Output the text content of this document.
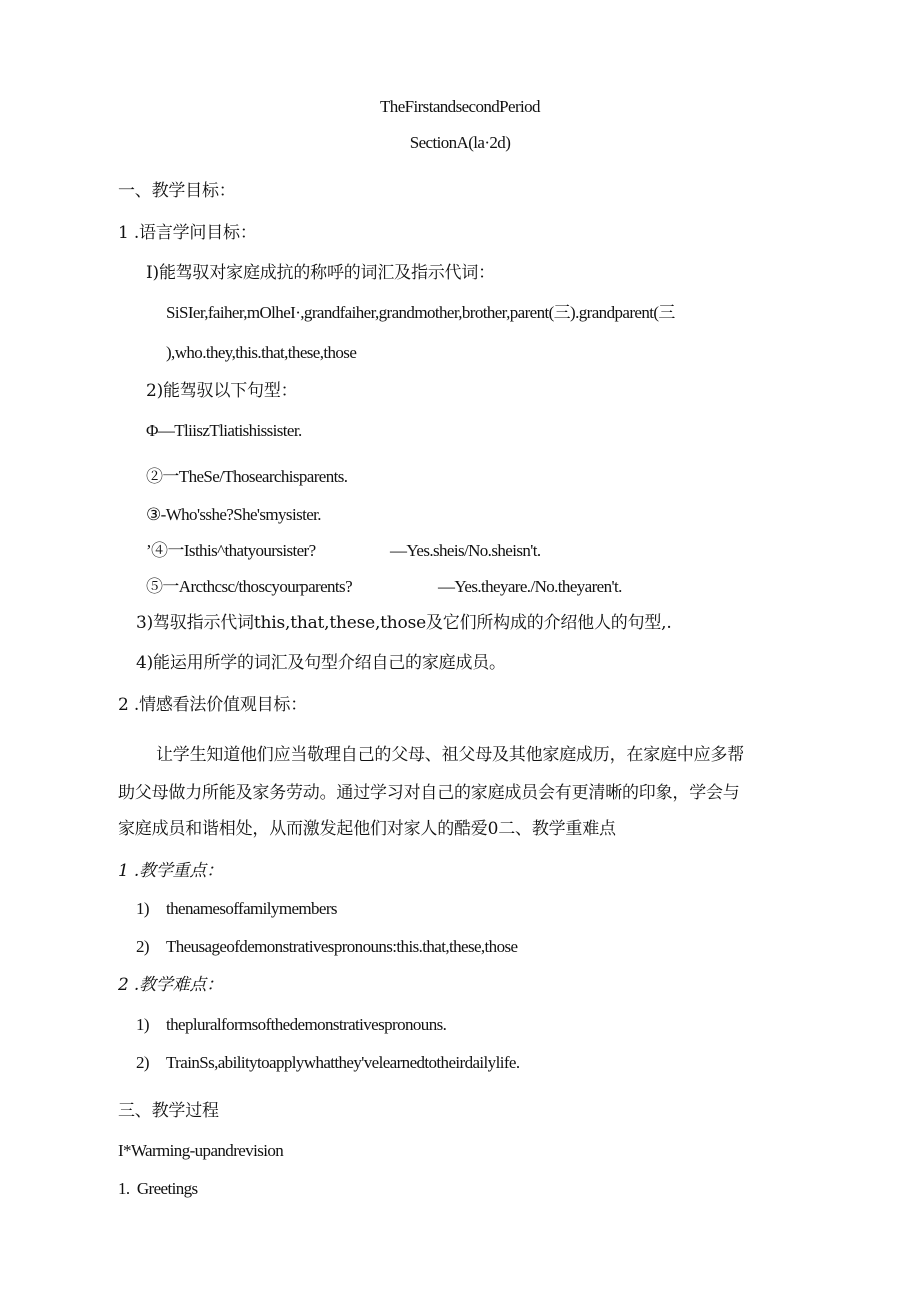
TheFirstandsecondPeriod
SectionA(la·2d)
一、教学目标：
1 .语言学问目标：
I)能驾驭对家庭成抗的称呼的词汇及指示代词：
SiSIer,faiher,mOlheI·,grandfaiher,grandmother,brother,parent(三).grandparent(三
),who.they,this.that,these,those
2)能驾驭以下句型：
Φ—TliiszTliatishissister.
②一TheSe/Thosearchisparents.
③-Who'sshe?She'smysister.
’④一Isthis^thatyoursister?	—Yes.sheis/No.sheisn't.
⑤一Arcthcsc/thoscyourparents?	—Yes.theyare./No.theyaren't.
3)驾驭指示代词this,that,these,those及它们所构成的介绍他人的句型,.
4)能运用所学的词汇及句型介绍自己的家庭成员。
2 .情感看法价值观目标：
让学生知道他们应当敬理自己的父母、祖父母及其他家庭成历，在家庭中应多帮
助父母做力所能及家务劳动。通过学习对自己的家庭成员会有更清晰的印象，学会与
家庭成员和谐相处，从而激发起他们对家人的酷爱0二、教学重难点
1 .教学重点：
1) thenamesoffamilymembers
2) Theusageofdemonstrativespronouns:this.that,these,those
2 .教学难点：
1) thepluralformsofthedemonstrativespronouns.
2) TrainSs,abilitytoapplywhatthey'velearnedtotheirdailylife.
三、教学过程
I*Warming-upandrevision
1.  Greetings
